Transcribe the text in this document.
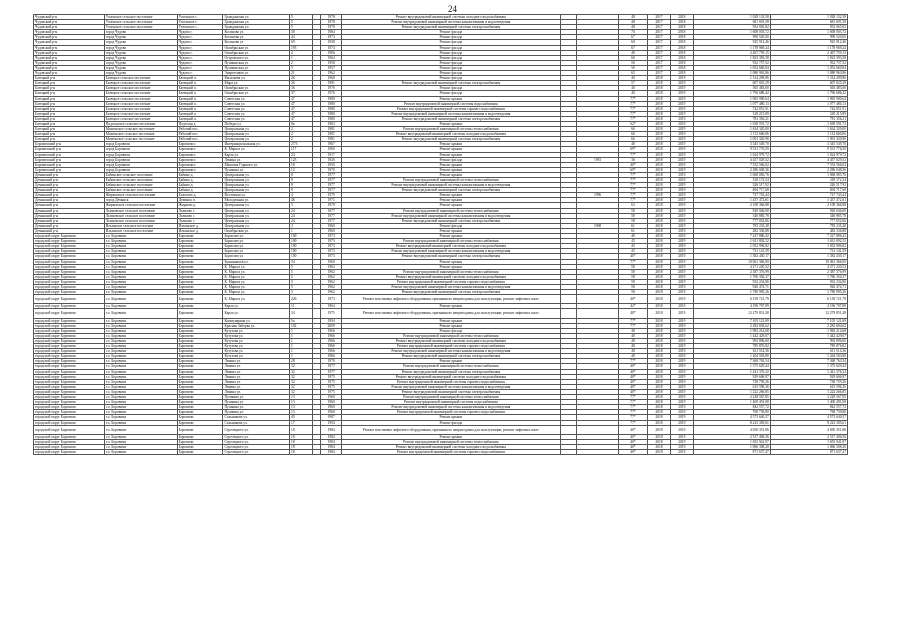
24
Чудовский р-н	Успенское сельское поселение	Успенское с.	Гражданская ул.	5		1978	Ремонт внутридомовой инженерной системы холодного водоснабжения			48	2017	2018	1 028 132,58	1 028 132,58
Чудовский р-н	Успенское сельское поселение	Успенское с.	Гражданская ул.	5		1978	Ремонт внутридомовой инженерной системы канализования и водоотведения			48	2017	2018	681 691,58	681 691,58
Чудовский р-н	Успенское сельское поселение	Успенское с.	Гражданская ул.	5		1978	Ремонт внутридомовой инженерной системы электроснабжения			48	2017	2018	952 065,82	952 065,82
Чудовский р-н	город Чудово	Чудово г.	Косинова ул.	38		1984	Ремонт фасада			70	2017	2018	1 608 003,72	1 608 003,72
Чудовский р-н	город Чудово	Чудово г.	Косинова ул.	44		1973	Ремонт фасада			67	2017	2018	990 520,00	990 520,00
Чудовский р-н	город Чудово	Чудово г.	Косинова ул.	69		1938	Ремонт фасада			60	2017	2018	925 912,46	925 912,46
Чудовский р-н	город Чудово	Чудово г.	Октябрьская ул.	193		1974	Ремонт фасада			67	2017	2018	1 178 969,24	1 178 969,24
Чудовский р-н	город Чудово	Чудово г.	Октябрьская ул.	4		1906	Ремонт фасада			40	2017	2018	2 467 759,15	2 467 759,15
Чудовский р-н	город Чудово	Чудово г.	Островского ул.	1		1964	Ремонт фасада			60	2017	2018	1 823 393,58	1 823 393,58
Чудовский р-н	город Чудово	Чудово г.	Пушкинская ул.	2		1958	Ремонт фасада			50	2017	2018	932 757,52	932 757,52
Чудовский р-н	город Чудово	Чудово г.	Пушкинская ул.	5		1957	Ремонт фасада			50	2017	2018	1 052 660,84	1 052 660,84
Чудовский р-н	город Чудово	Чудово г.	Энергетиков ул.	21		1962	Ремонт фасада			65	2017	2018	1 080 963,86	1 080 963,86
Батецкий р-н	Батецкое сельское поселение	Батецкий п.	Васильева ул.	26		1968	Ремонт фасада			40	2018	2019	1 314 209,86	1 314 209,86
Батецкий р-н	Батецкое сельское поселение	Батецкий п.	Мира ул.	26		1981	Ремонт внутридомовой инженерной системы электроснабжения			57	2018	2019	607 025,29	607 025,29
Батецкий р-н	Батецкое сельское поселение	Батецкий п.	Октябрьская ул.	36		1976	Ремонт фасада			40	2018	2019	565 483,60	565 483,60
Батецкий р-н	Батецкое сельское поселение	Батецкий п.	Октябрьская ул.	37		1976	Ремонт фасада			40	2018	2019	1 796 686,42	1 796 686,42
Батецкий р-н	Батецкое сельское поселение	Батецкий п.	Советская ул.	47		1980	Ремонт крыши			77*	2018	2019	1 965 990,64	1 965 990,64
Батецкий р-н	Батецкое сельское поселение	Батецкий п.	Советская ул.	47		1980	Ремонт внутридомовой инженерной системы водоснабжения			77*	2018	2019	1 077 480,13	1 077 480,13
Батецкий р-н	Батецкое сельское поселение	Батецкий п.	Советская ул.	47		1980	Ремонт внутридомовой инженерной системы горячего водоснабжения			77*	2018	2019	742 851,91	742 851,91
Батецкий р-н	Батецкое сельское поселение	Батецкий п.	Советская ул.	47		1980	Ремонт внутридомовой инженерной системы канализования и водоотведения			77*	2018	2019	318 215,89	318 215,89
Батецкий р-н	Батецкое сельское поселение	Батецкий п.	Советская ул.	47		1980	Ремонт внутридомовой инженерной системы электроснабжения			77*	2018	2019	781 356,21	781 356,21
Батецкий р-н	Подгощское сельское поселение	Подгощи д.	Победы ул.	6а		1963	Ремонт крыши			62*	2018	2019	1 638 591,72	1 638 591,72
Батецкий р-н	Мошенское сельское поселение	Рабочий пос.	Центральная ул.	2		1981	Ремонт внутридомовой инженерной системы теплоснабжения			66	2018	2019	1 634 320,00	1 634 320,00
Батецкий р-н	Мошенское сельское поселение	Рабочий пос.	Центральная ул.	2		1981	Ремонт внутридомовой инженерной системы холодного водоснабжения			66	2018	2019	1 112 660,06	1 112 660,06
Батецкий р-н	Мошенское сельское поселение	Рабочий пос.	Центральная ул.	2		1981	Ремонт внутридомовой инженерной системы электроснабжения			66	2018	2019	1 091 320,96	1 091 320,96
Боровичский р-н	город Боровичи	Боровичи г.	Интернациональная ул.	27/3		1967	Ремонт крыши			48	2018	2019	3 345 549,70	3 345 549,70
Боровичский р-н	город Боровичи	Боровичи г.	К. Маркса ул.	117		1960	Ремонт крыши			69*	2018	2019	9 531 776,59	9 531 776,59
Боровичский р-н	город Боровичи	Боровичи г.	Карла ул.	24		1917	Ремонт крыши			77*	2018	2019	1 024 979,72	1 024 979,72
Боровичский р-н	город Боровичи	Боровичи г.	Ленина ул.	123		1926	Ремонт фасада		1981	36	2018	2019	4 457 029,52	4 457 029,52
Боровичский р-н	город Боровичи	Боровичи г.	Максима Горького ул.	18		1950	Ремонт крыши			40*	2018	2019	7 552 566,02	7 552 566,02
Боровичский р-н	город Боровичи	Боровичи г.	Пушкина ул.	12		1970	Ремонт крыши			69*	2018	2019	2 286 048,36	2 286 048,36
Демянский р-н	Бабинское сельское поселение	Бабино д.	Центральная ул.	8		1977	Ремонт крыши			77*	2018	2019	1 068 083,76	1 068 083,76
Демянский р-н	Бабинское сельское поселение	Бабино д.	Центральная ул.	8		1977	Ремонт внутридомовой инженерной системы теплоснабжения			77*	2018	2019	318 172,54	318 172,54
Демянский р-н	Бабинское сельское поселение	Бабино д.	Центральная ул.	8		1977	Ремонт внутридомовой инженерной системы канализования и водоотведения			77*	2018	2019	326 517,92	326 517,92
Демянский р-н	Бабинское сельское поселение	Бабино д.	Центральная ул.	8		1977	Ремонт внутридомовой инженерной системы электроснабжения			77*	2018	2019	694 717,68	694 717,68
Демянский р-н	Жирковское сельское поселение	Бологово д.	Восточная ул.	4		1979	Ремонт крыши		1996	77*	2018	2019	727 743,44	727 743,44
Демянский р-н	город Демянск	Демянск п.	Молодежная ул.	46		1971	Ремонт крыши			77*	2018	2019	1 437 472,61	1 437 472,61
Демянский р-н	Жирковское сельское поселение	Жирково д.	Центральная ул.	5		1979	Ремонт крыши			63	2018	2019	2 108 366,88	2 108 366,88
Демянский р-н	Лычковское сельское поселение	Лычково с.	Центральная ул.	24		1977	Ремонт внутридомовой инженерной системы теплоснабжения			58	2018	2019	929 046,00	929 046,00
Демянский р-н	Лычковское сельское поселение	Лычково с.	Центральная ул.	24		1977	Ремонт внутридомовой инженерной системы канализования и водоотведения			58	2018	2019	340 885,78	340 885,78
Демянский р-н	Лычковское сельское поселение	Лычково с.	Центральная ул.	24		1977	Ремонт внутридомовой инженерной системы электроснабжения			58	2018	2019	777 052,06	777 052,06
Демянский р-н	Ильинское сельское поселение	Ильинское д.	Центральная ул.	3		1960	Ремонт фасада		1968	61	2018	2019	783 235,28	783 235,28
Демянский р-н	Ильинское сельское поселение	Ильинское д.	Октябрьская ул.	1		1960	Ремонт крыши			61	2018	2019	482 336,88	482 336,88
городской округ Боровичи	г.о. Боровичи	Боровичи	Борисова ул.	100		1973	Ремонт крыши			48	2018	2019	7 227 886,42	7 227 886,42
городской округ Боровичи	г.о. Боровичи	Боровичи	Борисова ул.	100		1973	Ремонт внутридомовой инженерной системы теплоснабжения			45	2018	2019	1 631 892,52	1 631 892,52
городской округ Боровичи	г.о. Боровичи	Боровичи	Борисова ул.	100		1973	Ремонт внутридомовой инженерной системы холодного водоснабжения			45	2018	2019	1 052 996,82	1 052 996,82
городской округ Боровичи	г.о. Боровичи	Боровичи	Борисова ул.	100		1973	Ремонт внутридомовой инженерной системы канализования и водоотведения			45	2018	2019	731 141,59	731 141,59
городской округ Боровичи	г.о. Боровичи	Боровичи	Борисова ул.	100		1973	Ремонт внутридомовой инженерной системы электроснабжения			40*	2018	2019	1 382 430,17	1 382 430,17
городской округ Боровичи	г.о. Боровичи	Боровичи	Бумажников ул.	34		1960	Ремонт крыши			77*	2018	2019	10 061 366,00	10 061 366,00
городской округ Боровичи	г.о. Боровичи	Боровичи	К. Маркса ул.	5		1962	Ремонт крыши			58	2018	2019	4 271 220,52	4 271 220,52
городской округ Боровичи	г.о. Боровичи	Боровичи	К. Маркса ул.	5		1962	Ремонт внутридомовой инженерной системы теплоснабжения			58	2018	2019	2 387 376,99	2 387 376,99
городской округ Боровичи	г.о. Боровичи	Боровичи	К. Маркса ул.	5		1962	Ремонт внутридомовой инженерной системы холодного водоснабжения			58	2018	2019	1 760 356,37	1 760 356,37
городской округ Боровичи	г.о. Боровичи	Боровичи	К. Маркса ул.	5		1962	Ремонт внутридомовой инженерной системы горячего водоснабжения			58	2018	2019	932 234,86	932 234,86
городской округ Боровичи	г.о. Боровичи	Боровичи	К. Маркса ул.	5		1962	Ремонт внутридомовой инженерной системы канализования и водоотведения			58	2018	2019	926 474,71	926 474,71
городской округ Боровичи	г.о. Боровичи	Боровичи	К. Маркса ул.	5		1962	Ремонт внутридомовой инженерной системы электроснабжения			58	2018	2019	1 780 985,26	1 780 985,26
городской округ Боровичи	г.о. Боровичи	Боровичи	К. Маркса ул.	226		1973	Ремонт или замена лифтового оборудования, признанного непригодным для эксплуатации, ремонт лифтовых шахт			40*	2018	2019	6 139 721,79	6 139 721,79
городской округ Боровичи	г.о. Боровичи	Боровичи	Карла ул.	11		1964	Ремонт крыши			42*	2018	2019	4 196 707,89	4 196 707,89
городской округ Боровичи	г.о. Боровичи	Боровичи	Карла ул.	34		1975	Ремонт или замена лифтового оборудования, признанного непригодным для эксплуатации, ремонт лифтовых шахт			40*	2018	2019	12 279 851,28	12 279 851,28
городской округ Боровичи	г.о. Боровичи	Боровичи	Коммунарная ул.	5а		1994	Ремонт крыши			77*	2018	2019	7 105 121,69	7 105 121,69
городской округ Боровичи	г.о. Боровичи	Боровичи	Красная Заборка ул.	102		2009	Ремонт крыши			77*	2018	2019	2 282 694,62	2 282 694,62
городской округ Боровичи	г.о. Боровичи	Боровичи	Кутузова ул.	1		1966	Ремонт фасада			48	2018	2019	1 982 214,68	1 982 214,68
городской округ Боровичи	г.о. Боровичи	Боровичи	Кутузова ул.	1		1966	Ремонт внутридомовой инженерной системы теплоснабжения			48	2018	2019	1 442 429,07	1 442 429,07
городской округ Боровичи	г.о. Боровичи	Боровичи	Кутузова ул.	1		1966	Ремонт внутридомовой инженерной системы холодного водоснабжения			48	2018	2019	992 896,60	992 896,60
городской округ Боровичи	г.о. Боровичи	Боровичи	Кутузова ул.	1		1966	Ремонт внутридомовой инженерной системы горячего водоснабжения			48	2018	2019	785 876,82	785 876,82
городской округ Боровичи	г.о. Боровичи	Боровичи	Кутузова ул.	1		1966	Ремонт внутридомовой инженерной системы канализования и водоотведения			48	2018	2019	611 514,36	611 514,36
городской округ Боровичи	г.о. Боровичи	Боровичи	Кутузова ул.	1		1966	Ремонт внутридомовой инженерной системы электроснабжения			48	2018	2019	1 264 503,80	1 264 503,80
городской округ Боровичи	г.о. Боровичи	Боровичи	Ленина ул.	28		1970	Ремонт крыши			77*	2018	2019	7 368 763,54	7 368 763,54
городской округ Боровичи	г.о. Боровичи	Боровичи	Ленина ул.	32		1977	Ремонт внутридомовой инженерной системы теплоснабжения			40*	2018	2019	1 375 629,44	1 375 629,44
городской округ Боровичи	г.о. Боровичи	Боровичи	Ленина ул.	32		1977	Ремонт внутридомовой инженерной системы электроснабжения			40*	2018	2019	1 441 376,32	1 441 376,32
городской округ Боровичи	г.о. Боровичи	Боровичи	Ленина ул.	32		1975	Ремонт внутридомовой инженерной системы холодного водоснабжения			40*	2018	2019	929 606,97	929 606,97
городской округ Боровичи	г.о. Боровичи	Боровичи	Ленина ул.	32		1975	Ремонт внутридомовой инженерной системы горячего водоснабжения			40*	2018	2019	738 759,26	738 759,26
городской округ Боровичи	г.о. Боровичи	Боровичи	Ленина ул.	32		1975	Ремонт внутридомовой инженерной системы канализования и водоотведения			40*	2018	2019	615 596,36	615 596,36
городской округ Боровичи	г.о. Боровичи	Боровичи	Ленина ул.	32		1975	Ремонт внутридомовой инженерной системы электроснабжения			40*	2018	2019	1 222 266,85	1 222 266,85
городской округ Боровичи	г.о. Боровичи	Боровичи	Пушкина ул.	13		1960	Ремонт внутридомовой инженерной системы теплоснабжения			77*	2018	2019	2 228 567,85	2 228 567,85
городской округ Боровичи	г.о. Боровичи	Боровичи	Пушкина ул.	13		1960	Ремонт внутридомовой инженерной системы водоснабжения			77*	2018	2019	1 400 491,08	1 400 491,08
городской округ Боровичи	г.о. Боровичи	Боровичи	Пушкина ул.	13		1960	Ремонт внутридомовой инженерной системы канализования и водоотведения			77*	2018	2019	842 557,72	842 557,72
городской округ Боровичи	г.о. Боровичи	Боровичи	Пушкина ул.	13		1960	Ремонт внутридомовой инженерной системы горячего водоснабжения			77*	2018	2019	768 739,80	768 739,80
городской округ Боровичи	г.о. Боровичи	Боровичи	Сальникова ул.	45		1987	Ремонт крыши			77*	2018	2019	4 573 640,57	4 573 640,57
городской округ Боровичи	г.о. Боровичи	Боровичи	Сальникова ул.	17		1994	Ремонт фасада			77*	2018	2019	8 223 305,61	8 223 305,61
городской округ Боровичи	г.о. Боровичи	Боровичи	Стрелецкого ул.	10		1984	Ремонт или замена лифтового оборудования, признанного непригодным для эксплуатации, ремонт лифтовых шахт			40*	2018	2019	4 050 351,86	4 050 351,86
городской округ Боровичи	г.о. Боровичи	Боровичи	Стрелецкого ул.	18		1984	Ремонт крыши			40*	2018	2019	2 517 406,56	2 517 406,56
городской округ Боровичи	г.о. Боровичи	Боровичи	Стрелецкого ул.	18		1984	Ремонт внутридомовой инженерной системы теплоснабжения			40*	2018	2019	1 655 941,97	1 655 941,97
городской округ Боровичи	г.о. Боровичи	Боровичи	Стрелецкого ул.	18		1984	Ремонт внутридомовой инженерной системы холодного водоснабжения			40*	2018	2019	1 066 308,20	1 066 308,20
городской округ Боровичи	г.о. Боровичи	Боровичи	Стрелецкого ул.	18		1984	Ремонт внутридомовой инженерной системы горячего водоснабжения			40*	2018	2019	871 637,47	871 637,47
